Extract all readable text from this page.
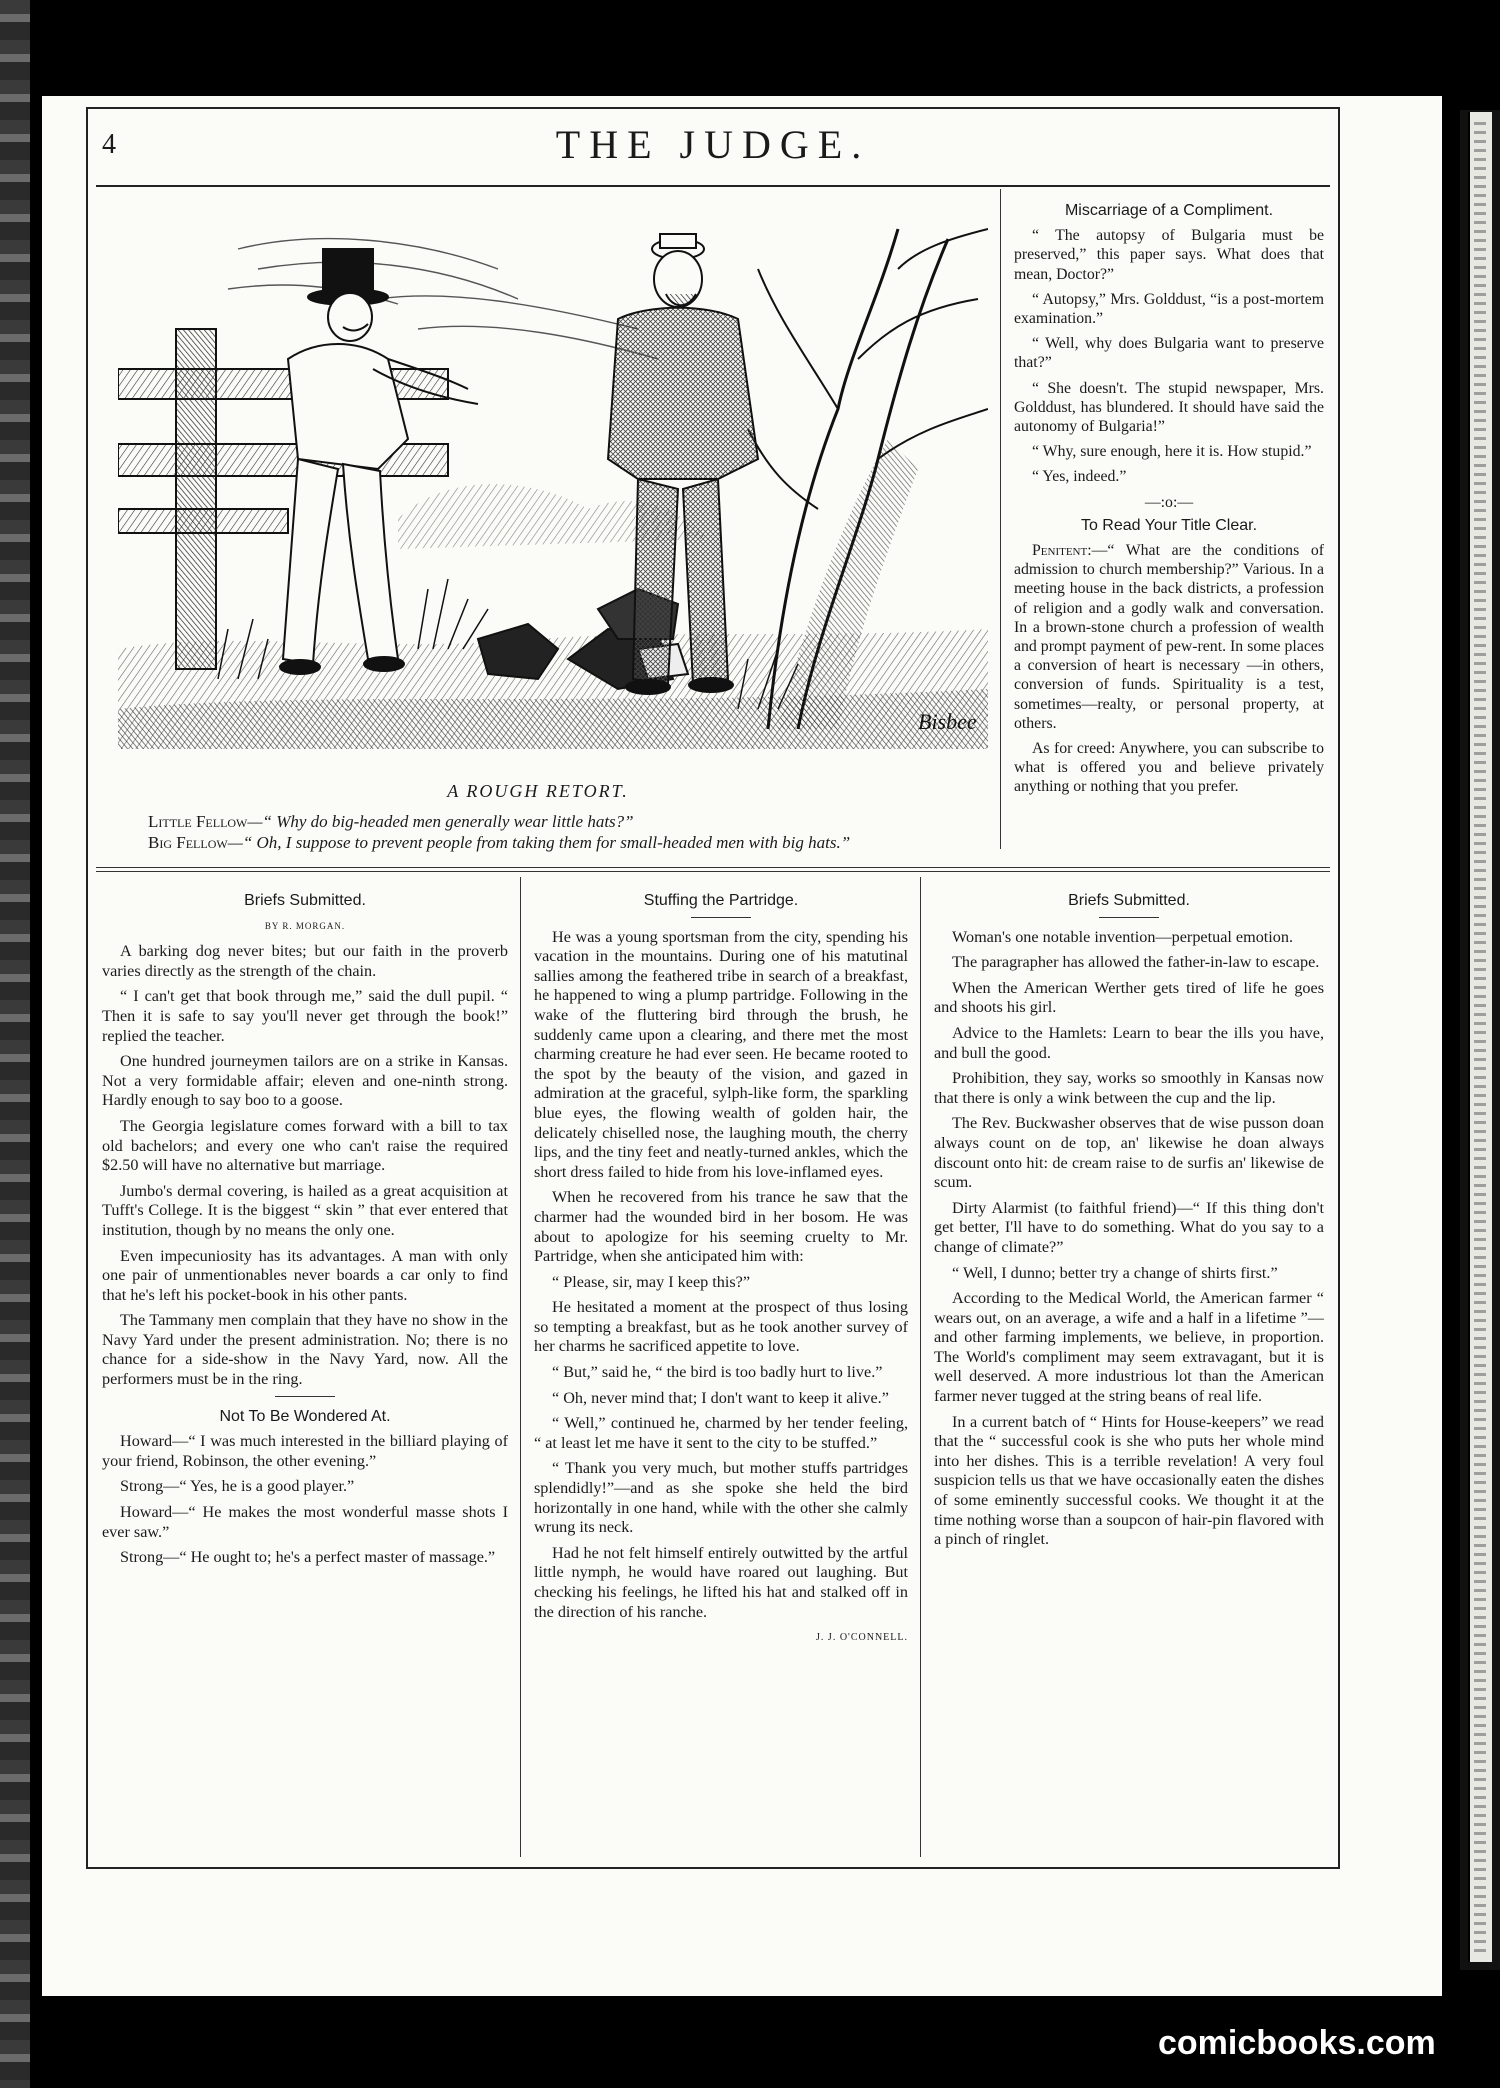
4	THE JUDGE.
Bisbee
A ROUGH RETORT.

Little Fellow—“ Why do big-headed men generally wear little hats?”

Big Fellow—“ Oh, I suppose to prevent people from taking them for small-headed men with big hats.”

Miscarriage of a Compliment.

“ The autopsy of Bulgaria must be preserved,” this paper says. What does that mean, Doctor?”

“ Autopsy,” Mrs. Golddust, “is a post-mortem examination.”

“ Well, why does Bulgaria want to preserve that?”

“ She doesn't. The stupid newspaper, Mrs. Golddust, has blundered. It should have said the autonomy of Bulgaria!”

“ Why, sure enough, here it is. How stupid.”

“ Yes, indeed.”

—:o:—
To Read Your Title Clear.

Penitent:—“ What are the conditions of admission to church membership?” Various. In a meeting house in the back districts, a profession of religion and a godly walk and conversation. In a brown-stone church a profession of wealth and prompt payment of pew-rent. In some places a conversion of heart is necessary —in others, conversion of funds. Spirituality is a test, sometimes—realty, or personal property, at others.

As for creed: Anywhere, you can subscribe to what is offered you and believe privately anything or nothing that you prefer.

Briefs Submitted.

BY R. MORGAN.

A barking dog never bites; but our faith in the proverb varies directly as the strength of the chain.

“ I can't get that book through me,” said the dull pupil. “ Then it is safe to say you'll never get through the book!” replied the teacher.

One hundred journeymen tailors are on a strike in Kansas. Not a very formidable affair; eleven and one-ninth strong. Hardly enough to say boo to a goose.

The Georgia legislature comes forward with a bill to tax old bachelors; and every one who can't raise the required $2.50 will have no alternative but marriage.

Jumbo's dermal covering, is hailed as a great acquisition at Tufft's College. It is the biggest “ skin ” that ever entered that institution, though by no means the only one.

Even impecuniosity has its advantages. A man with only one pair of unmentionables never boards a car only to find that he's left his pocket-book in his other pants.

The Tammany men complain that they have no show in the Navy Yard under the present administration. No; there is no chance for a side-show in the Navy Yard, now. All the performers must be in the ring.

Not To Be Wondered At.

Howard—“ I was much interested in the billiard playing of your friend, Robinson, the other evening.”

Strong—“ Yes, he is a good player.”

Howard—“ He makes the most wonderful masse shots I ever saw.”

Strong—“ He ought to; he's a perfect master of massage.”

Stuffing the Partridge.

He was a young sportsman from the city, spending his vacation in the mountains. During one of his matutinal sallies among the feathered tribe in search of a breakfast, he happened to wing a plump partridge. Following in the wake of the fluttering bird through the brush, he suddenly came upon a clearing, and there met the most charming creature he had ever seen. He became rooted to the spot by the beauty of the vision, and gazed in admiration at the graceful, sylph-like form, the sparkling blue eyes, the flowing wealth of golden hair, the delicately chiselled nose, the laughing mouth, the cherry lips, and the tiny feet and neatly-turned ankles, which the short dress failed to hide from his love-inflamed eyes.

When he recovered from his trance he saw that the charmer had the wounded bird in her bosom. He was about to apologize for his seeming cruelty to Mr. Partridge, when she anticipated him with:

“ Please, sir, may I keep this?”

He hesitated a moment at the prospect of thus losing so tempting a breakfast, but as he took another survey of her charms he sacrificed appetite to love.

“ But,” said he, “ the bird is too badly hurt to live.”

“ Oh, never mind that; I don't want to keep it alive.”

“ Well,” continued he, charmed by her tender feeling, “ at least let me have it sent to the city to be stuffed.”

“ Thank you very much, but mother stuffs partridges splendidly!”—and as she spoke she held the bird horizontally in one hand, while with the other she calmly wrung its neck.

Had he not felt himself entirely outwitted by the artful little nymph, he would have roared out laughing. But checking his feelings, he lifted his hat and stalked off in the direction of his ranche.

J. J. O'CONNELL.

Briefs Submitted.

Woman's one notable invention—perpetual emotion.

The paragrapher has allowed the father-in-law to escape.

When the American Werther gets tired of life he goes and shoots his girl.

Advice to the Hamlets: Learn to bear the ills you have, and bull the good.

Prohibition, they say, works so smoothly in Kansas now that there is only a wink between the cup and the lip.

The Rev. Buckwasher observes that de wise pusson doan always count on de top, an' likewise he doan always discount onto hit: de cream raise to de surfis an' likewise de scum.

Dirty Alarmist (to faithful friend)—“ If this thing don't get better, I'll have to do something. What do you say to a change of climate?”

“ Well, I dunno; better try a change of shirts first.”

According to the Medical World, the American farmer “ wears out, on an average, a wife and a half in a lifetime ”—and other farming implements, we believe, in proportion. The World's compliment may seem extravagant, but it is well deserved. A more industrious lot than the American farmer never tugged at the string beans of real life.

In a current batch of “ Hints for House-keepers” we read that the “ successful cook is she who puts her whole mind into her dishes. This is a terrible revelation! A very foul suspicion tells us that we have occasionally eaten the dishes of some eminently successful cooks. We thought it at the time nothing worse than a soupcon of hair-pin flavored with a pinch of ringlet.

comicbooks.com
